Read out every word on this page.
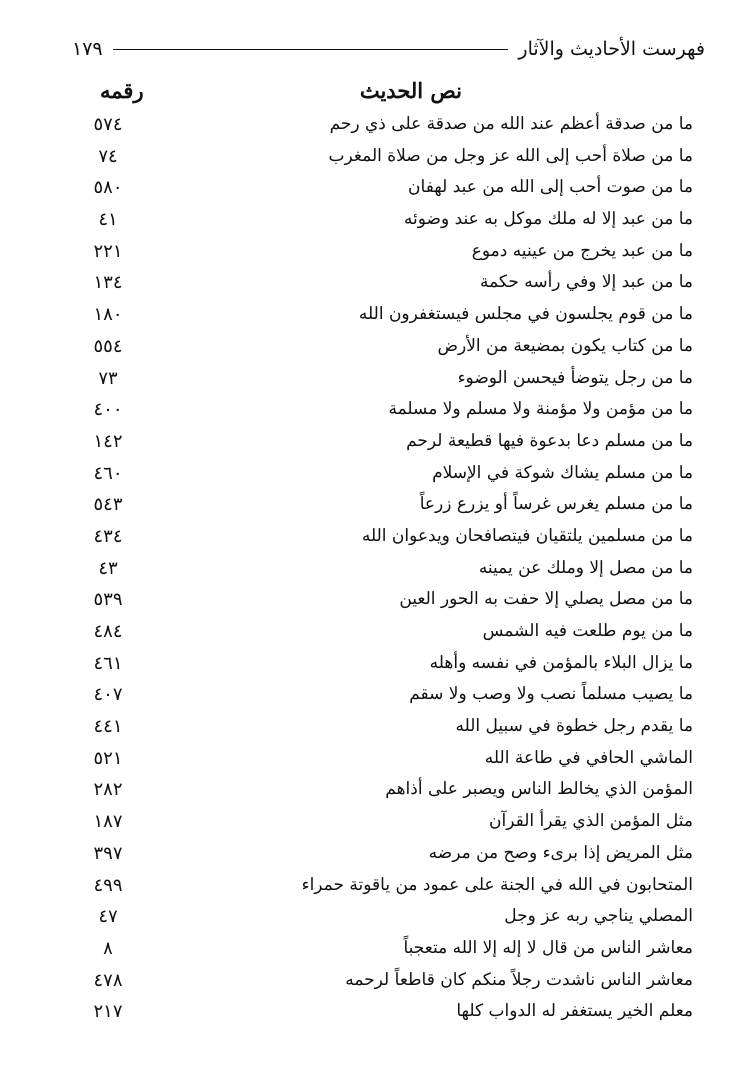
فهرست الأحاديث والآثار
١٧٩
نص الحديث
رقمه
ما من صدقة أعظم عند الله من صدقة على ذي رحم
٥٧٤
ما من صلاة أحب إلى الله عز وجل من صلاة المغرب
٧٤
ما من صوت أحب إلى الله من عبد لهفان
٥٨٠
ما من عبد إلا له ملك موكل به عند وضوئه
٤١
ما من عبد يخرج من عينيه دموع
٢٢١
ما من عبد إلا وفي رأسه حكمة
١٣٤
ما من قوم يجلسون في مجلس فيستغفرون الله
١٨٠
ما من كتاب يكون بمضيعة من الأرض
٥٥٤
ما من رجل يتوضأ فيحسن الوضوء
٧٣
ما من مؤمن ولا مؤمنة ولا مسلم ولا مسلمة
٤٠٠
ما من مسلم دعا بدعوة فيها قطيعة لرحم
١٤٢
ما من مسلم يشاك شوكة في الإسلام
٤٦٠
ما من مسلم يغرس غرساً أو يزرع زرعاً
٥٤٣
ما من مسلمين يلتقيان فيتصافحان ويدعوان الله
٤٣٤
ما من مصل إلا وملك عن يمينه
٤٣
ما من مصل يصلي إلا حفت به الحور العين
٥٣٩
ما من يوم طلعت فيه الشمس
٤٨٤
ما يزال البلاء بالمؤمن في نفسه وأهله
٤٦١
ما يصيب مسلماً نصب ولا وصب ولا سقم
٤٠٧
ما يقدم رجل خطوة في سبيل الله
٤٤١
الماشي الحافي في طاعة الله
٥٢١
المؤمن الذي يخالط الناس ويصبر على أذاهم
٢٨٢
مثل المؤمن الذي يقرأ القرآن
١٨٧
مثل المريض إذا برىء وصح من مرضه
٣٩٧
المتحابون في الله في الجنة على عمود من ياقوتة حمراء
٤٩٩
المصلي يناجي ربه عز وجل
٤٧
معاشر الناس من قال لا إله إلا الله متعجباً
٨
معاشر الناس ناشدت رجلاً منكم كان قاطعاً لرحمه
٤٧٨
معلم الخير يستغفر له الدواب كلها
٢١٧
